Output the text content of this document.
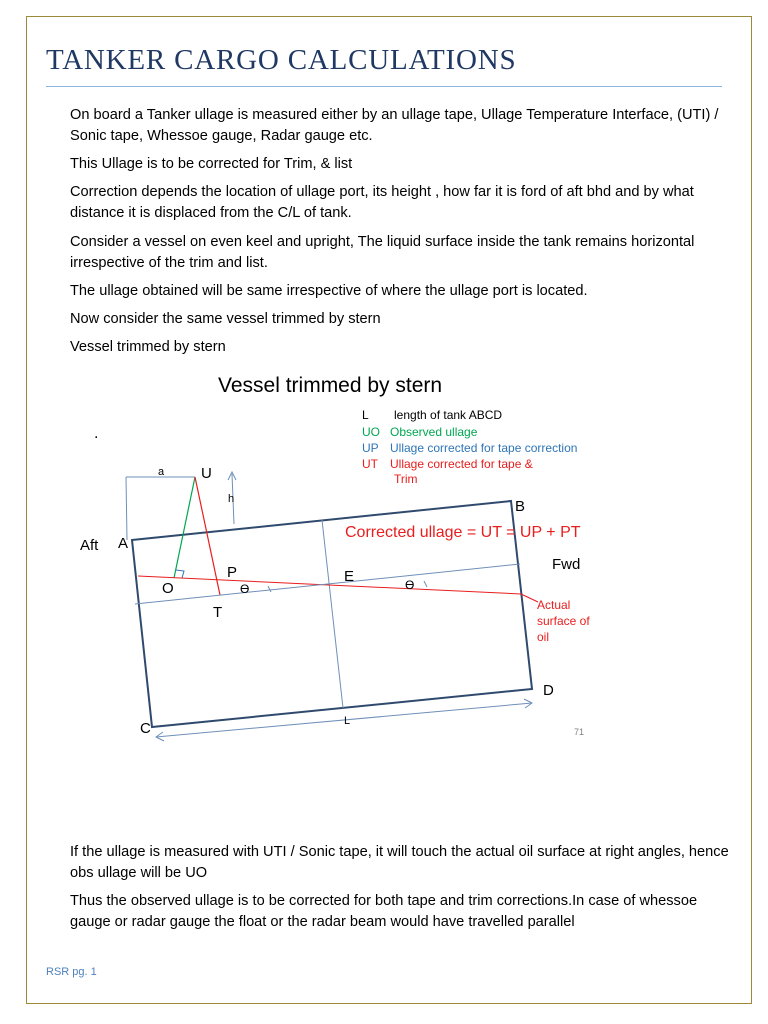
TANKER CARGO CALCULATIONS

On board a Tanker ullage is measured either by an ullage tape, Ullage Temperature Interface, (UTI) / Sonic tape, Whessoe gauge, Radar gauge etc.

This Ullage is to be corrected for Trim, & list

Correction depends the location of ullage port, its height , how far it is ford of aft bhd and by what distance it is displaced from the C/L of tank.

Consider a vessel on even keel and upright, The liquid surface inside the tank remains horizontal irrespective of the trim and list.

The ullage obtained will be same irrespective of where the ullage port is located.

Now consider the same vessel trimmed by stern

Vessel trimmed by stern

Vessel trimmed by stern
.
L length of tank ABCD
UO Observed ullage
UP Ullage corrected for tape correction
UT Ullage corrected for tape &
Trim
a U
h
Aft A
B
Corrected ullage = UT = UP + PT
Fwd
O
P
T
E
Ɵ	Ɵ
Actual
surface of
oil
D
C	L
71

If the ullage is measured with UTI / Sonic tape, it will touch the actual oil surface at right angles, hence obs ullage will be UO

Thus the observed ullage is to be corrected for both tape and trim corrections.In case of whessoe gauge or radar gauge the float or the radar beam would have travelled parallel

RSR pg. 1
